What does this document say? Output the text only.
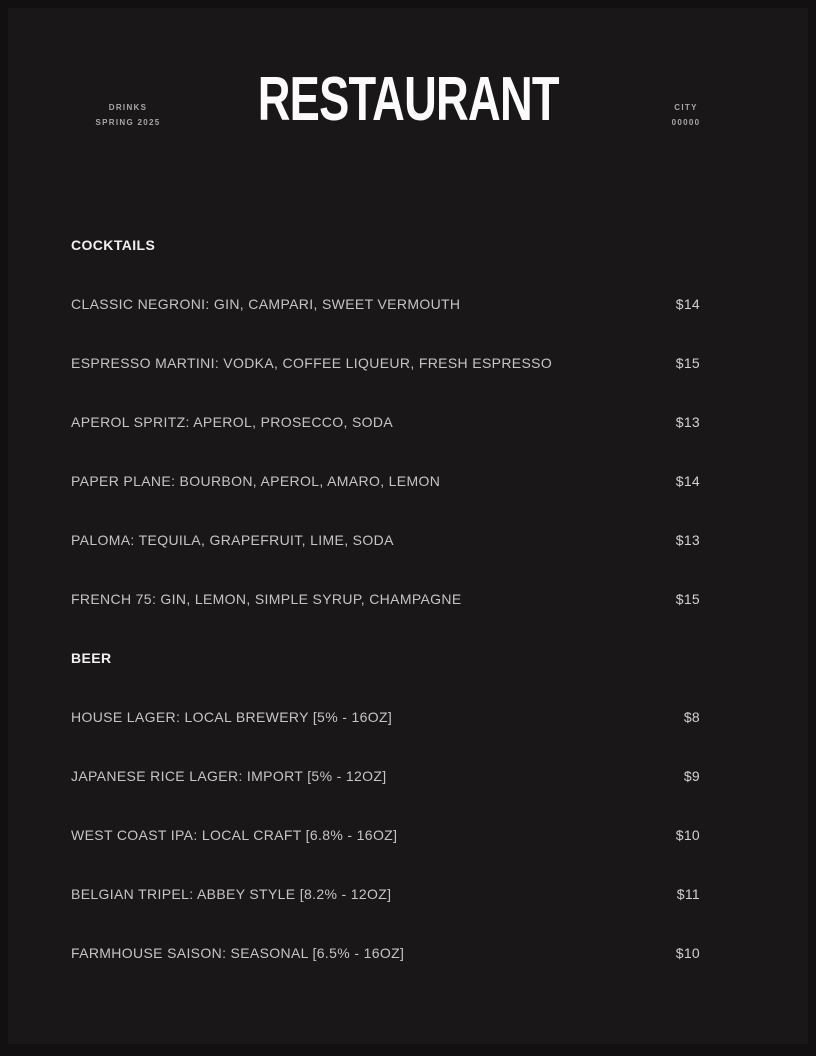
DRINKS
SPRING 2025	RESTAURANT	CITY
00000
COCKTAILS
CLASSIC NEGRONI: GIN, CAMPARI, SWEET VERMOUTH	$14
ESPRESSO MARTINI: VODKA, COFFEE LIQUEUR, FRESH ESPRESSO	$15
APEROL SPRITZ: APEROL, PROSECCO, SODA	$13
PAPER PLANE: BOURBON, APEROL, AMARO, LEMON	$14
PALOMA: TEQUILA, GRAPEFRUIT, LIME, SODA	$13
FRENCH 75: GIN, LEMON, SIMPLE SYRUP, CHAMPAGNE	$15
BEER
HOUSE LAGER: LOCAL BREWERY [5% - 16OZ]	$8
JAPANESE RICE LAGER: IMPORT [5% - 12OZ]	$9
WEST COAST IPA: LOCAL CRAFT [6.8% - 16OZ]	$10
BELGIAN TRIPEL: ABBEY STYLE [8.2% - 12OZ]	$11
FARMHOUSE SAISON: SEASONAL [6.5% - 16OZ]	$10
